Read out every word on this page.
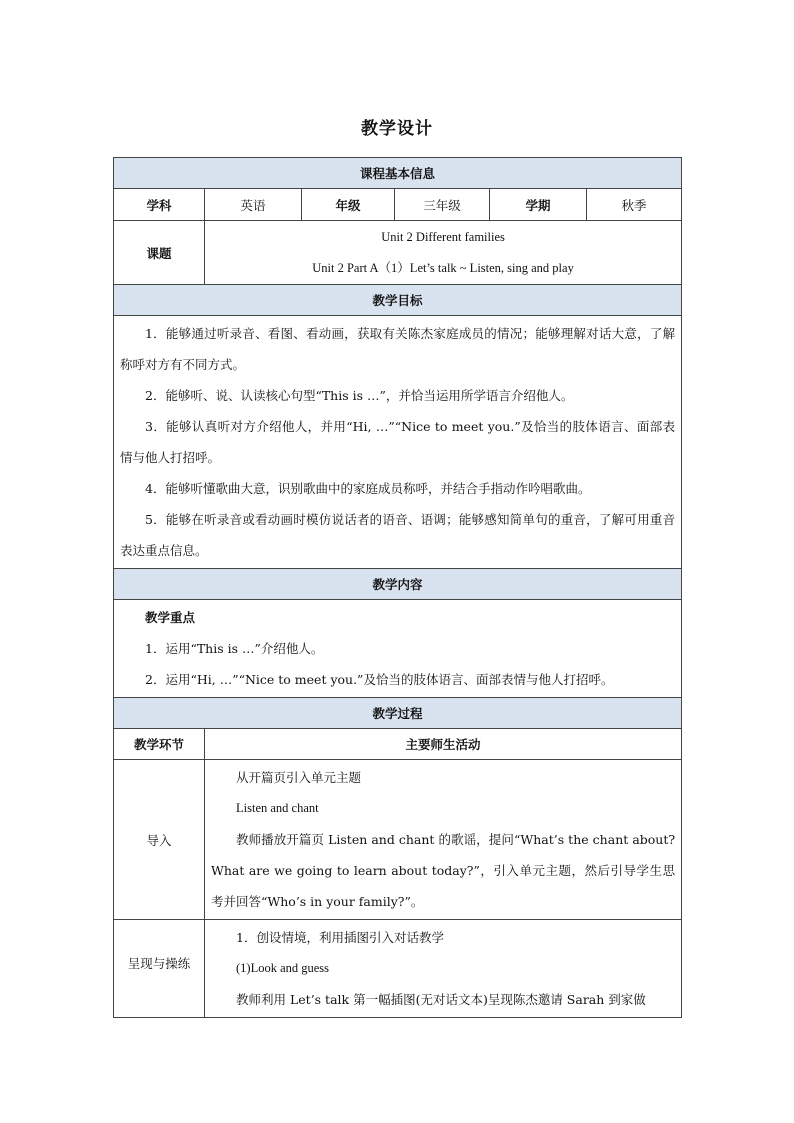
教学设计
课程基本信息					
学科	英语	年级	三年级	学期	秋季
课题	Unit 2 Different families
Unit 2 Part A（1）Let’s talk ~ Listen, sing and play				

教学目标					

1．能够通过听录音、看图、看动画，获取有关陈杰家庭成员的情况；能够理解对话大意，了解称呼对方有不同方式。

2．能够听、说、认读核心句型“This is …”，并恰当运用所学语言介绍他人。

3．能够认真听对方介绍他人，并用“Hi, …”“Nice to meet you.”及恰当的肢体语言、面部表情与他人打招呼。

4．能够听懂歌曲大意，识别歌曲中的家庭成员称呼，并结合手指动作吟唱歌曲。

5．能够在听录音或看动画时模仿说话者的语音、语调；能够感知简单句的重音，了解可用重音表达重点信息。					

教学内容					

教学重点

1．运用“This is …”介绍他人。

2．运用“Hi, …”“Nice to meet you.”及恰当的肢体语言、面部表情与他人打招呼。					

教学过程					
教学环节	主要师生活动				
导入	从开篇页引入单元主题

Listen and chant

教师播放开篇页 Listen and chant 的歌谣，提问“What’s the chant about? What are we going to learn about today?”，引入单元主题，然后引导学生思考并回答“Who’s in your family?”。				

呈现与操练	1．创设情境，利用插图引入对话教学

(1)Look and guess

教师利用 Let’s talk 第一幅插图(无对话文本)呈现陈杰邀请 Sarah 到家做				
